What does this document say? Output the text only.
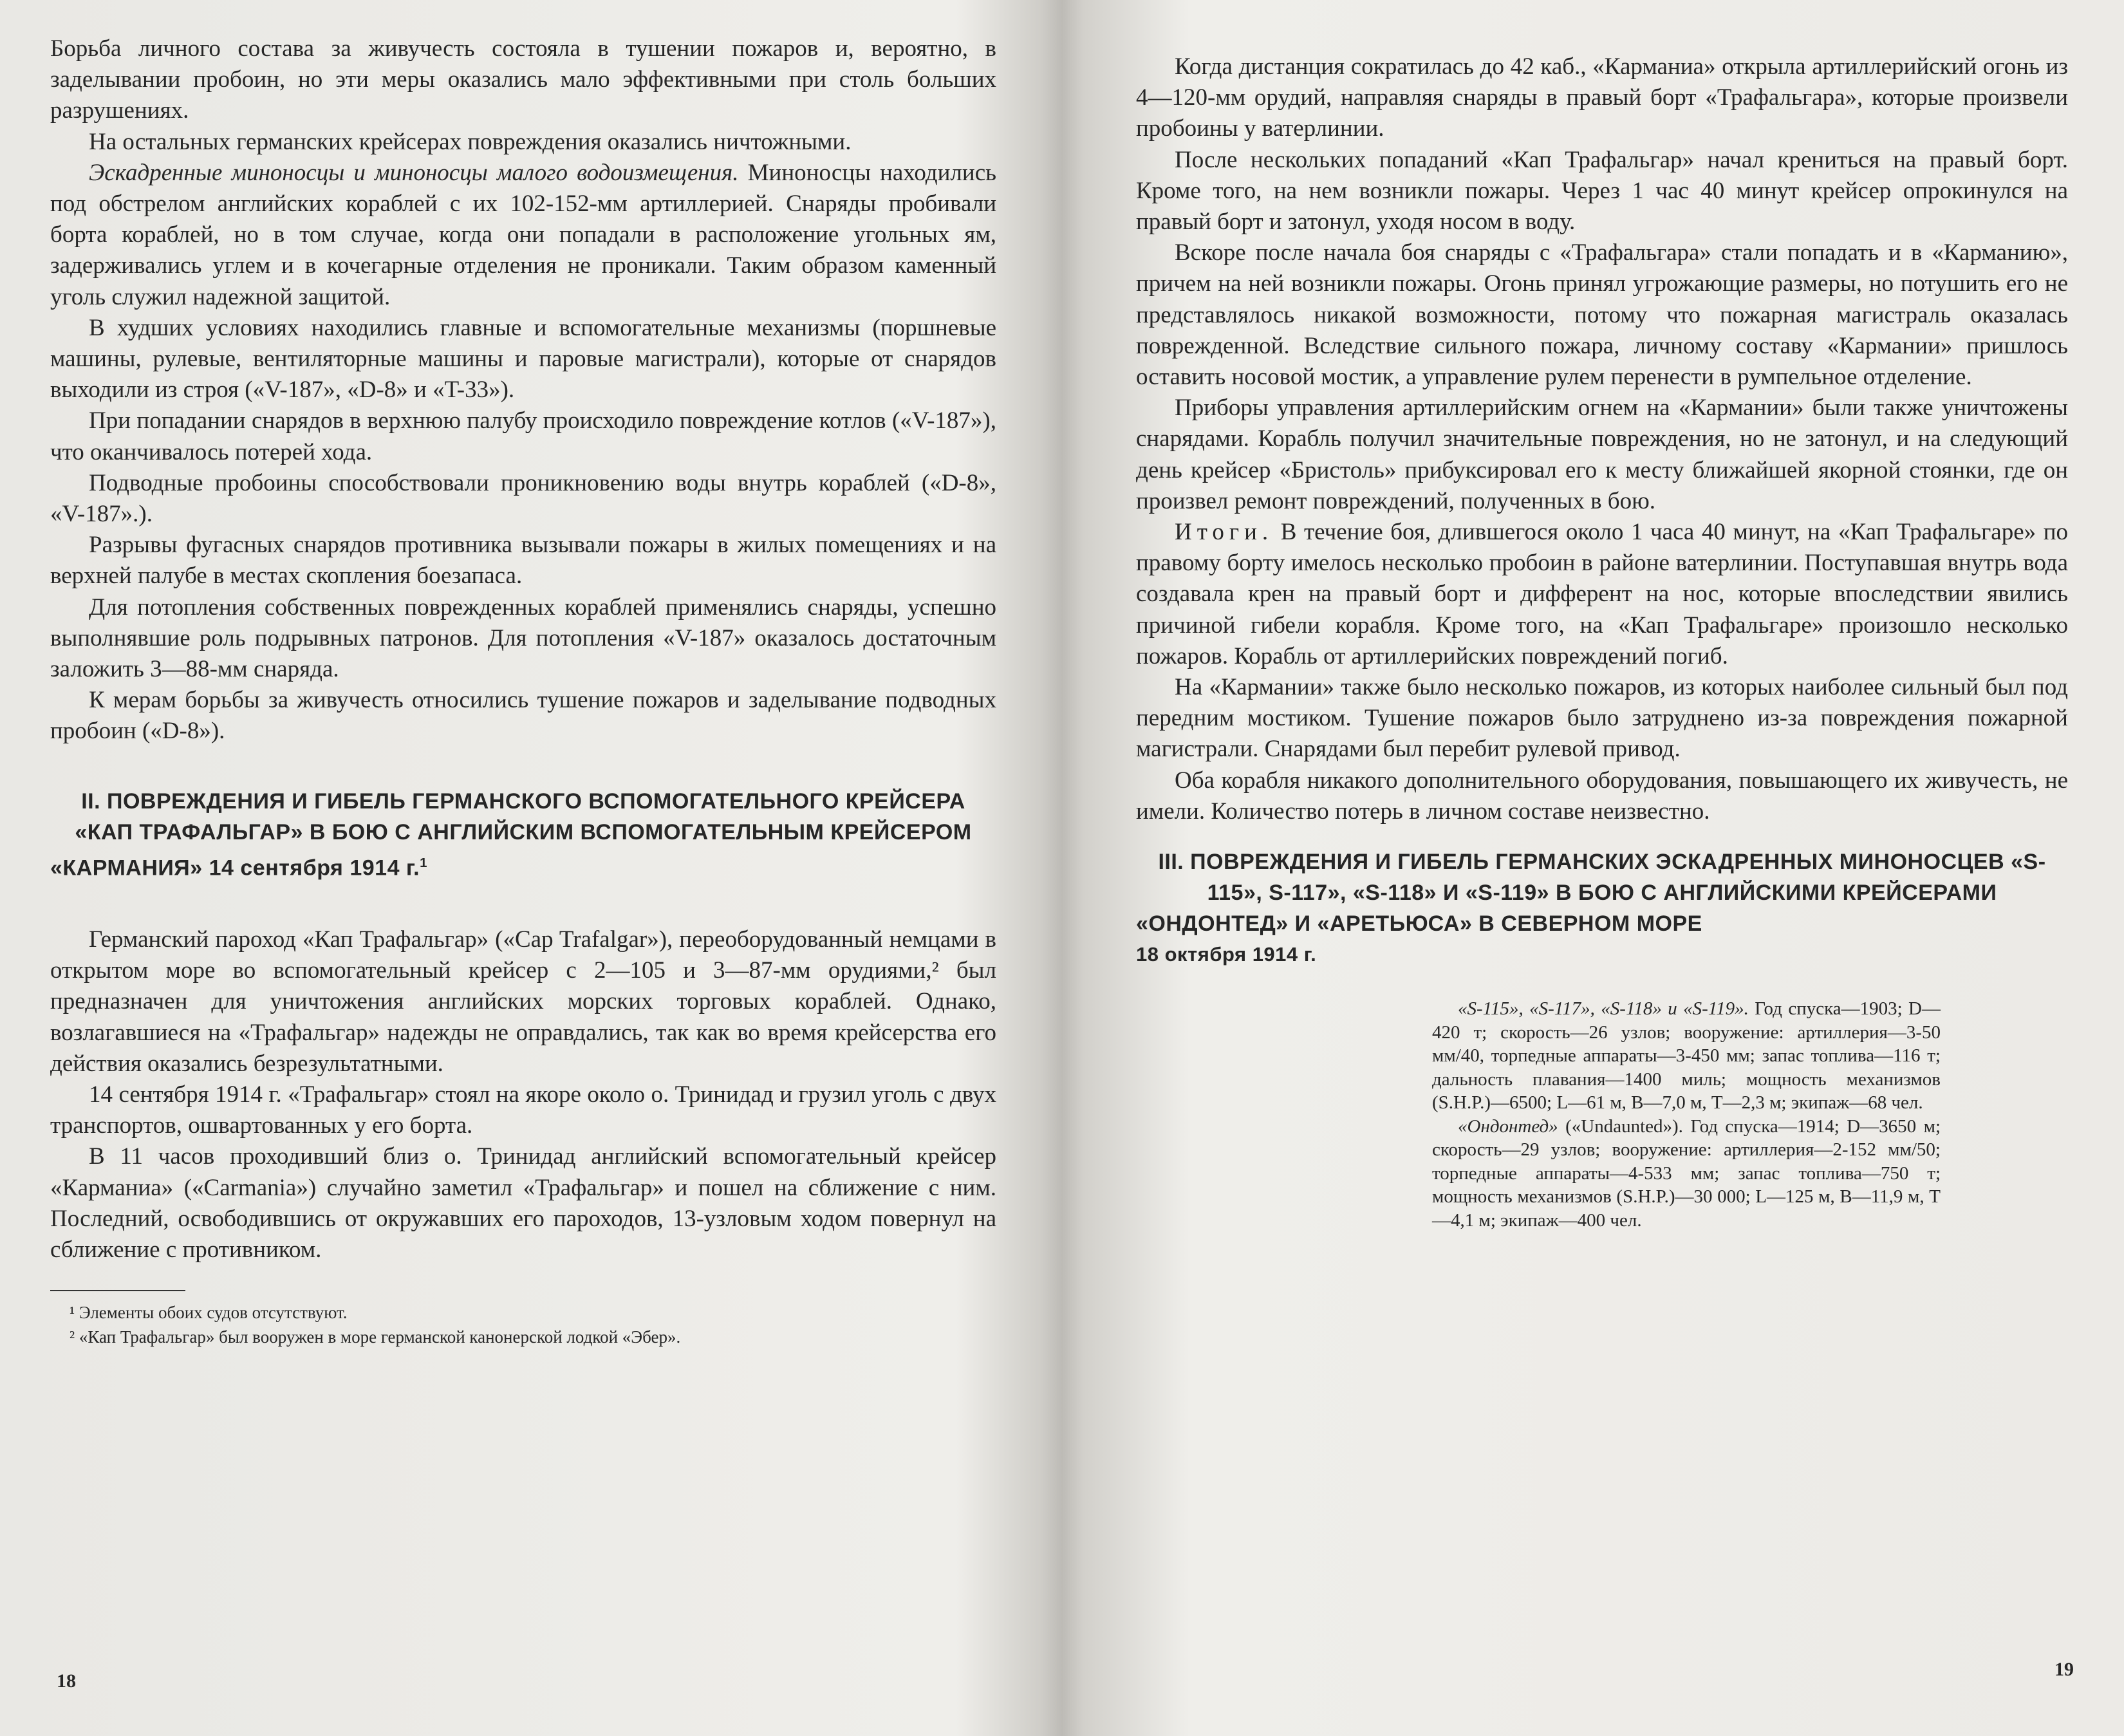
Борьба личного состава за живучесть состояла в тушении пожаров и, вероятно, в заделывании пробоин, но эти меры оказались мало эффективными при столь больших разрушениях.

На остальных германских крейсерах повреждения оказались ничтожными.

Эскадренные миноносцы и миноносцы малого водоизмещения. Миноносцы находились под обстрелом английских кораблей с их 102-152-мм артиллерией. Снаряды пробивали борта кораблей, но в том случае, когда они попадали в расположение угольных ям, задерживались углем и в кочегарные отделения не проникали. Таким образом каменный уголь служил надежной защитой.

В худших условиях находились главные и вспомогательные механизмы (поршневые машины, рулевые, вентиляторные машины и паровые магистрали), которые от снарядов выходили из строя («V-187», «D-8» и «T-33»).

При попадании снарядов в верхнюю палубу происходило повреждение котлов («V-187»), что оканчивалось потерей хода.

Подводные пробоины способствовали проникновению воды внутрь кораблей («D-8», «V-187».).

Разрывы фугасных снарядов противника вызывали пожары в жилых помещениях и на верхней палубе в местах скопления боезапаса.

Для потопления собственных поврежденных кораблей применялись снаряды, успешно выполнявшие роль подрывных патронов. Для потопления «V-187» оказалось достаточным заложить 3—88-мм снаряда.

К мерам борьбы за живучесть относились тушение пожаров и заделывание подводных пробоин («D-8»).

II. ПОВРЕЖДЕНИЯ И ГИБЕЛЬ ГЕРМАНСКОГО ВСПОМОГАТЕЛЬНОГО КРЕЙСЕРА «КАП ТРАФАЛЬГАР» В БОЮ С АНГЛИЙСКИМ ВСПОМОГАТЕЛЬНЫМ КРЕЙСЕРОМ «КАРМАНИЯ» 14 сентября 1914 г.$^1$

Германский пароход «Кап Трафальгар» («Cap Trafalgar»), переоборудованный немцами в открытом море во вспомогательный крейсер с 2—105 и 3—87-мм орудиями,² был предназначен для уничтожения английских морских торговых кораблей. Однако, возлагавшиеся на «Трафальгар» надежды не оправдались, так как во время крейсерства его действия оказались безрезультатными.

14 сентября 1914 г. «Трафальгар» стоял на якоре около о. Тринидад и грузил уголь с двух транспортов, ошвартованных у его борта.

В 11 часов проходивший близ о. Тринидад английский вспомогательный крейсер «Карманиа» («Carmania») случайно заметил «Трафальгар» и пошел на сближение с ним. Последний, освободившись от окружавших его пароходов, 13-узловым ходом повернул на сближение с противником.

¹ Элементы обоих судов отсутствуют.

² «Кап Трафальгар» был вооружен в море германской канонерской лодкой «Эбер».

18

Когда дистанция сократилась до 42 каб., «Карманиа» открыла артиллерийский огонь из 4—120-мм орудий, направляя снаряды в правый борт «Трафальгара», которые произвели пробоины у ватерлинии.

После нескольких попаданий «Кап Трафальгар» начал крениться на правый борт. Кроме того, на нем возникли пожары. Через 1 час 40 минут крейсер опрокинулся на правый борт и затонул, уходя носом в воду.

Вскоре после начала боя снаряды с «Трафальгара» стали попадать и в «Карманию», причем на ней возникли пожары. Огонь принял угрожающие размеры, но потушить его не представлялось никакой возможности, потому что пожарная магистраль оказалась поврежденной. Вследствие сильного пожара, личному составу «Кармании» пришлось оставить носовой мостик, а управление рулем перенести в румпельное отделение.

Приборы управления артиллерийским огнем на «Кармании» были также уничтожены снарядами. Корабль получил значительные повреждения, но не затонул, и на следующий день крейсер «Бристоль» прибуксировал его к месту ближайшей якорной стоянки, где он произвел ремонт повреждений, полученных в бою.

Итоги. В течение боя, длившегося около 1 часа 40 минут, на «Кап Трафальгаре» по правому борту имелось несколько пробоин в районе ватерлинии. Поступавшая внутрь вода создавала крен на правый борт и дифферент на нос, которые впоследствии явились причиной гибели корабля. Кроме того, на «Кап Трафальгаре» произошло несколько пожаров. Корабль от артиллерийских повреждений погиб.

На «Кармании» также было несколько пожаров, из которых наиболее сильный был под передним мостиком. Тушение пожаров было затруднено из-за повреждения пожарной магистрали. Снарядами был перебит рулевой привод.

Оба корабля никакого дополнительного оборудования, повышающего их живучесть, не имели. Количество потерь в личном составе неизвестно.

III. ПОВРЕЖДЕНИЯ И ГИБЕЛЬ ГЕРМАНСКИХ ЭСКАДРЕННЫХ МИНОНОСЦЕВ «S-115», S-117», «S-118» И «S-119» В БОЮ С АНГЛИЙСКИМИ КРЕЙСЕРАМИ «ОНДОНТЕД» И «АРЕТЬЮСА» В СЕВЕРНОМ МОРЕ

18 октября 1914 г.

«S-115», «S-117», «S-118» и «S-119». Год спуска—1903; D—420 т; скорость—26 узлов; вооружение: артиллерия—3-50 мм/40, торпедные аппараты—3-450 мм; запас топлива—116 т; дальность плавания—1400 миль; мощность механизмов (S.H.P.)—6500; L—61 м, B—7,0 м, T—2,3 м; экипаж—68 чел.

«Ондонтед» («Undaunted»). Год спуска—1914; D—3650 м; скорость—29 узлов; вооружение: артиллерия—2-152 мм/50; торпедные аппараты—4-533 мм; запас топлива—750 т; мощность механизмов (S.H.P.)—30 000; L—125 м, B—11,9 м, T—4,1 м; экипаж—400 чел.

19
